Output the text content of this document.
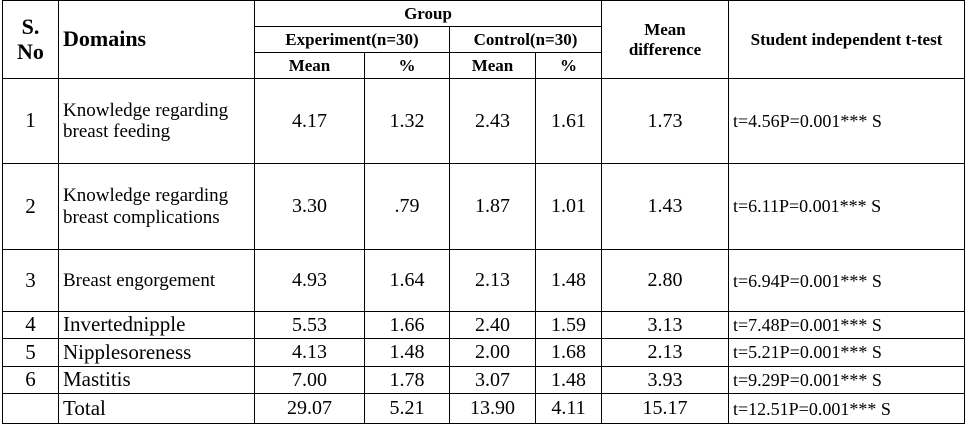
S. No	Domains	Group				Mean difference	Student independent t-test
		Experiment(n=30)		Control(n=30)			
		Mean	%	Mean	%		
1	Knowledge regarding breast feeding	4.17	1.32	2.43	1.61	1.73	t=4.56P=0.001*** S
2	Knowledge regarding breast complications	3.30	.79	1.87	1.01	1.43	t=6.11P=0.001*** S
3	Breast engorgement	4.93	1.64	2.13	1.48	2.80	t=6.94P=0.001*** S
4	Invertednipple	5.53	1.66	2.40	1.59	3.13	t=7.48P=0.001*** S
5	Nipplesoreness	4.13	1.48	2.00	1.68	2.13	t=5.21P=0.001*** S
6	Mastitis	7.00	1.78	3.07	1.48	3.93	t=9.29P=0.001*** S
	Total	29.07	5.21	13.90	4.11	15.17	t=12.51P=0.001*** S
